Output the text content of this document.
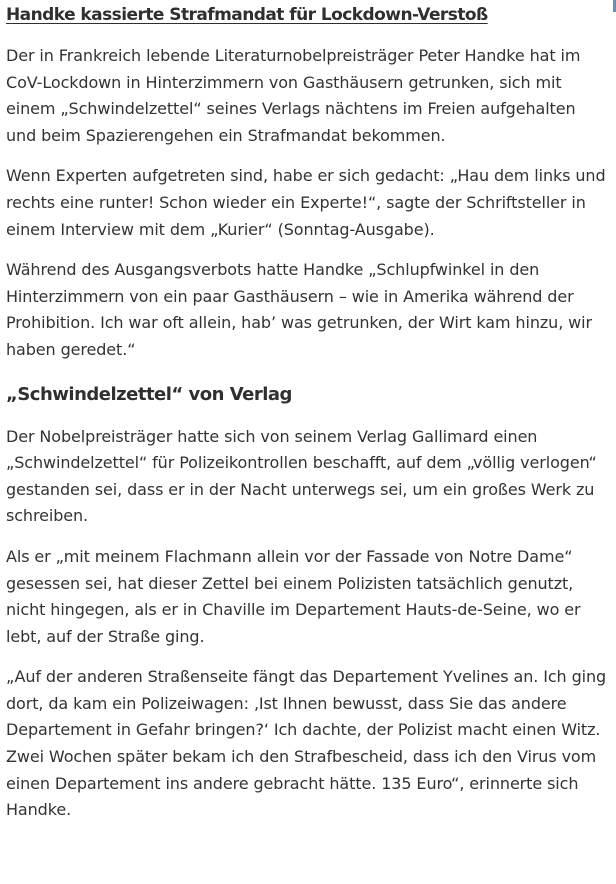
Handke kassierte Strafmandat für Lockdown-Verstoß

Der in Frankreich lebende Literaturnobelpreisträger Peter Handke hat im CoV-Lockdown in Hinterzimmern von Gasthäusern getrunken, sich mit einem „Schwindelzettel“ seines Verlags nächtens im Freien aufgehalten und beim Spazierengehen ein Strafmandat bekommen.

Wenn Experten aufgetreten sind, habe er sich gedacht: „Hau dem links und rechts eine runter! Schon wieder ein Experte!“, sagte der Schriftsteller in einem Interview mit dem „Kurier“ (Sonntag-Ausgabe).

Während des Ausgangsverbots hatte Handke „Schlupfwinkel in den Hinterzimmern von ein paar Gasthäusern – wie in Amerika während der Prohibition. Ich war oft allein, hab’ was getrunken, der Wirt kam hinzu, wir haben geredet.“

„Schwindelzettel“ von Verlag

Der Nobelpreisträger hatte sich von seinem Verlag Gallimard einen „Schwindelzettel“ für Polizeikontrollen beschafft, auf dem „völlig verlogen“ gestanden sei, dass er in der Nacht unterwegs sei, um ein großes Werk zu schreiben.

Als er „mit meinem Flachmann allein vor der Fassade von Notre Dame“ gesessen sei, hat dieser Zettel bei einem Polizisten tatsächlich genutzt, nicht hingegen, als er in Chaville im Departement Hauts-de-Seine, wo er lebt, auf der Straße ging.

„Auf der anderen Straßenseite fängt das Departement Yvelines an. Ich ging dort, da kam ein Polizeiwagen: ‚Ist Ihnen bewusst, dass Sie das andere Departement in Gefahr bringen?‘ Ich dachte, der Polizist macht einen Witz. Zwei Wochen später bekam ich den Strafbescheid, dass ich den Virus vom einen Departement ins andere gebracht hätte. 135 Euro“, erinnerte sich Handke.
